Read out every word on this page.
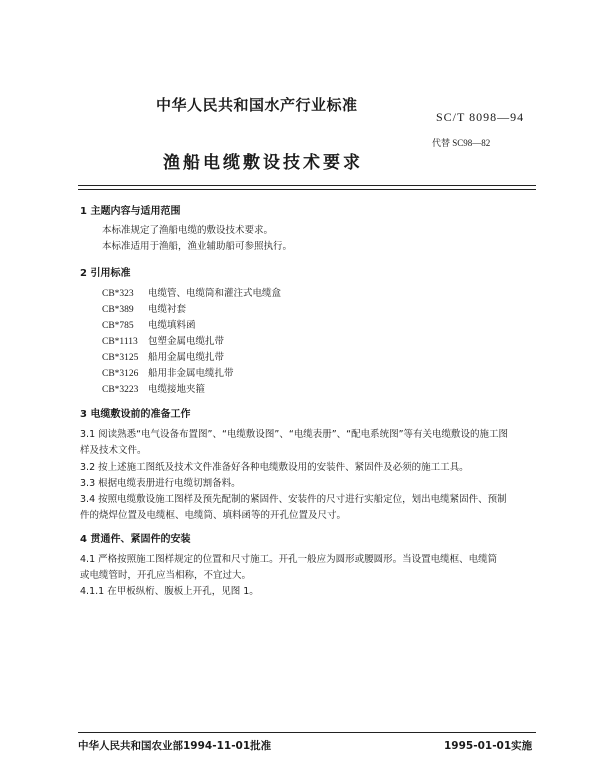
中华人民共和国水产行业标准
SC/T 8098—94
代替 SC98—82
渔船电缆敷设技术要求
1 主题内容与适用范围
本标准规定了渔船电缆的敷设技术要求。
本标准适用于渔船，渔业辅助船可参照执行。
2 引用标准
CB*323 电缆管、电缆筒和灌注式电缆盒
CB*389 电缆衬套
CB*785 电缆填料函
CB*1113 包塑金属电缆扎带
CB*3125 船用金属电缆扎带
CB*3126 船用非金属电缆扎带
CB*3223 电缆接地夹箍
3 电缆敷设前的准备工作
3.1 阅读熟悉“电气设备布置图”、“电缆敷设图”、“电缆表册”、“配电系统图”等有关电缆敷设的施工图
样及技术文件。
3.2 按上述施工图纸及技术文件准备好各种电缆敷设用的安装件、紧固件及必须的施工工具。
3.3 根据电缆表册进行电缆切割备料。
3.4 按照电缆敷设施工图样及预先配制的紧固件、安装件的尺寸进行实船定位，划出电缆紧固件、预制
件的烧焊位置及电缆框、电缆筒、填料函等的开孔位置及尺寸。
4 贯通件、紧固件的安装
4.1 严格按照施工图样规定的位置和尺寸施工。开孔一般应为圆形或腰圆形。当设置电缆框、电缆筒
或电缆管时，开孔应当相称，不宜过大。
4.1.1 在甲板纵桁、腹板上开孔，见图 1。
中华人民共和国农业部1994-11-01批准	1995-01-01实施
